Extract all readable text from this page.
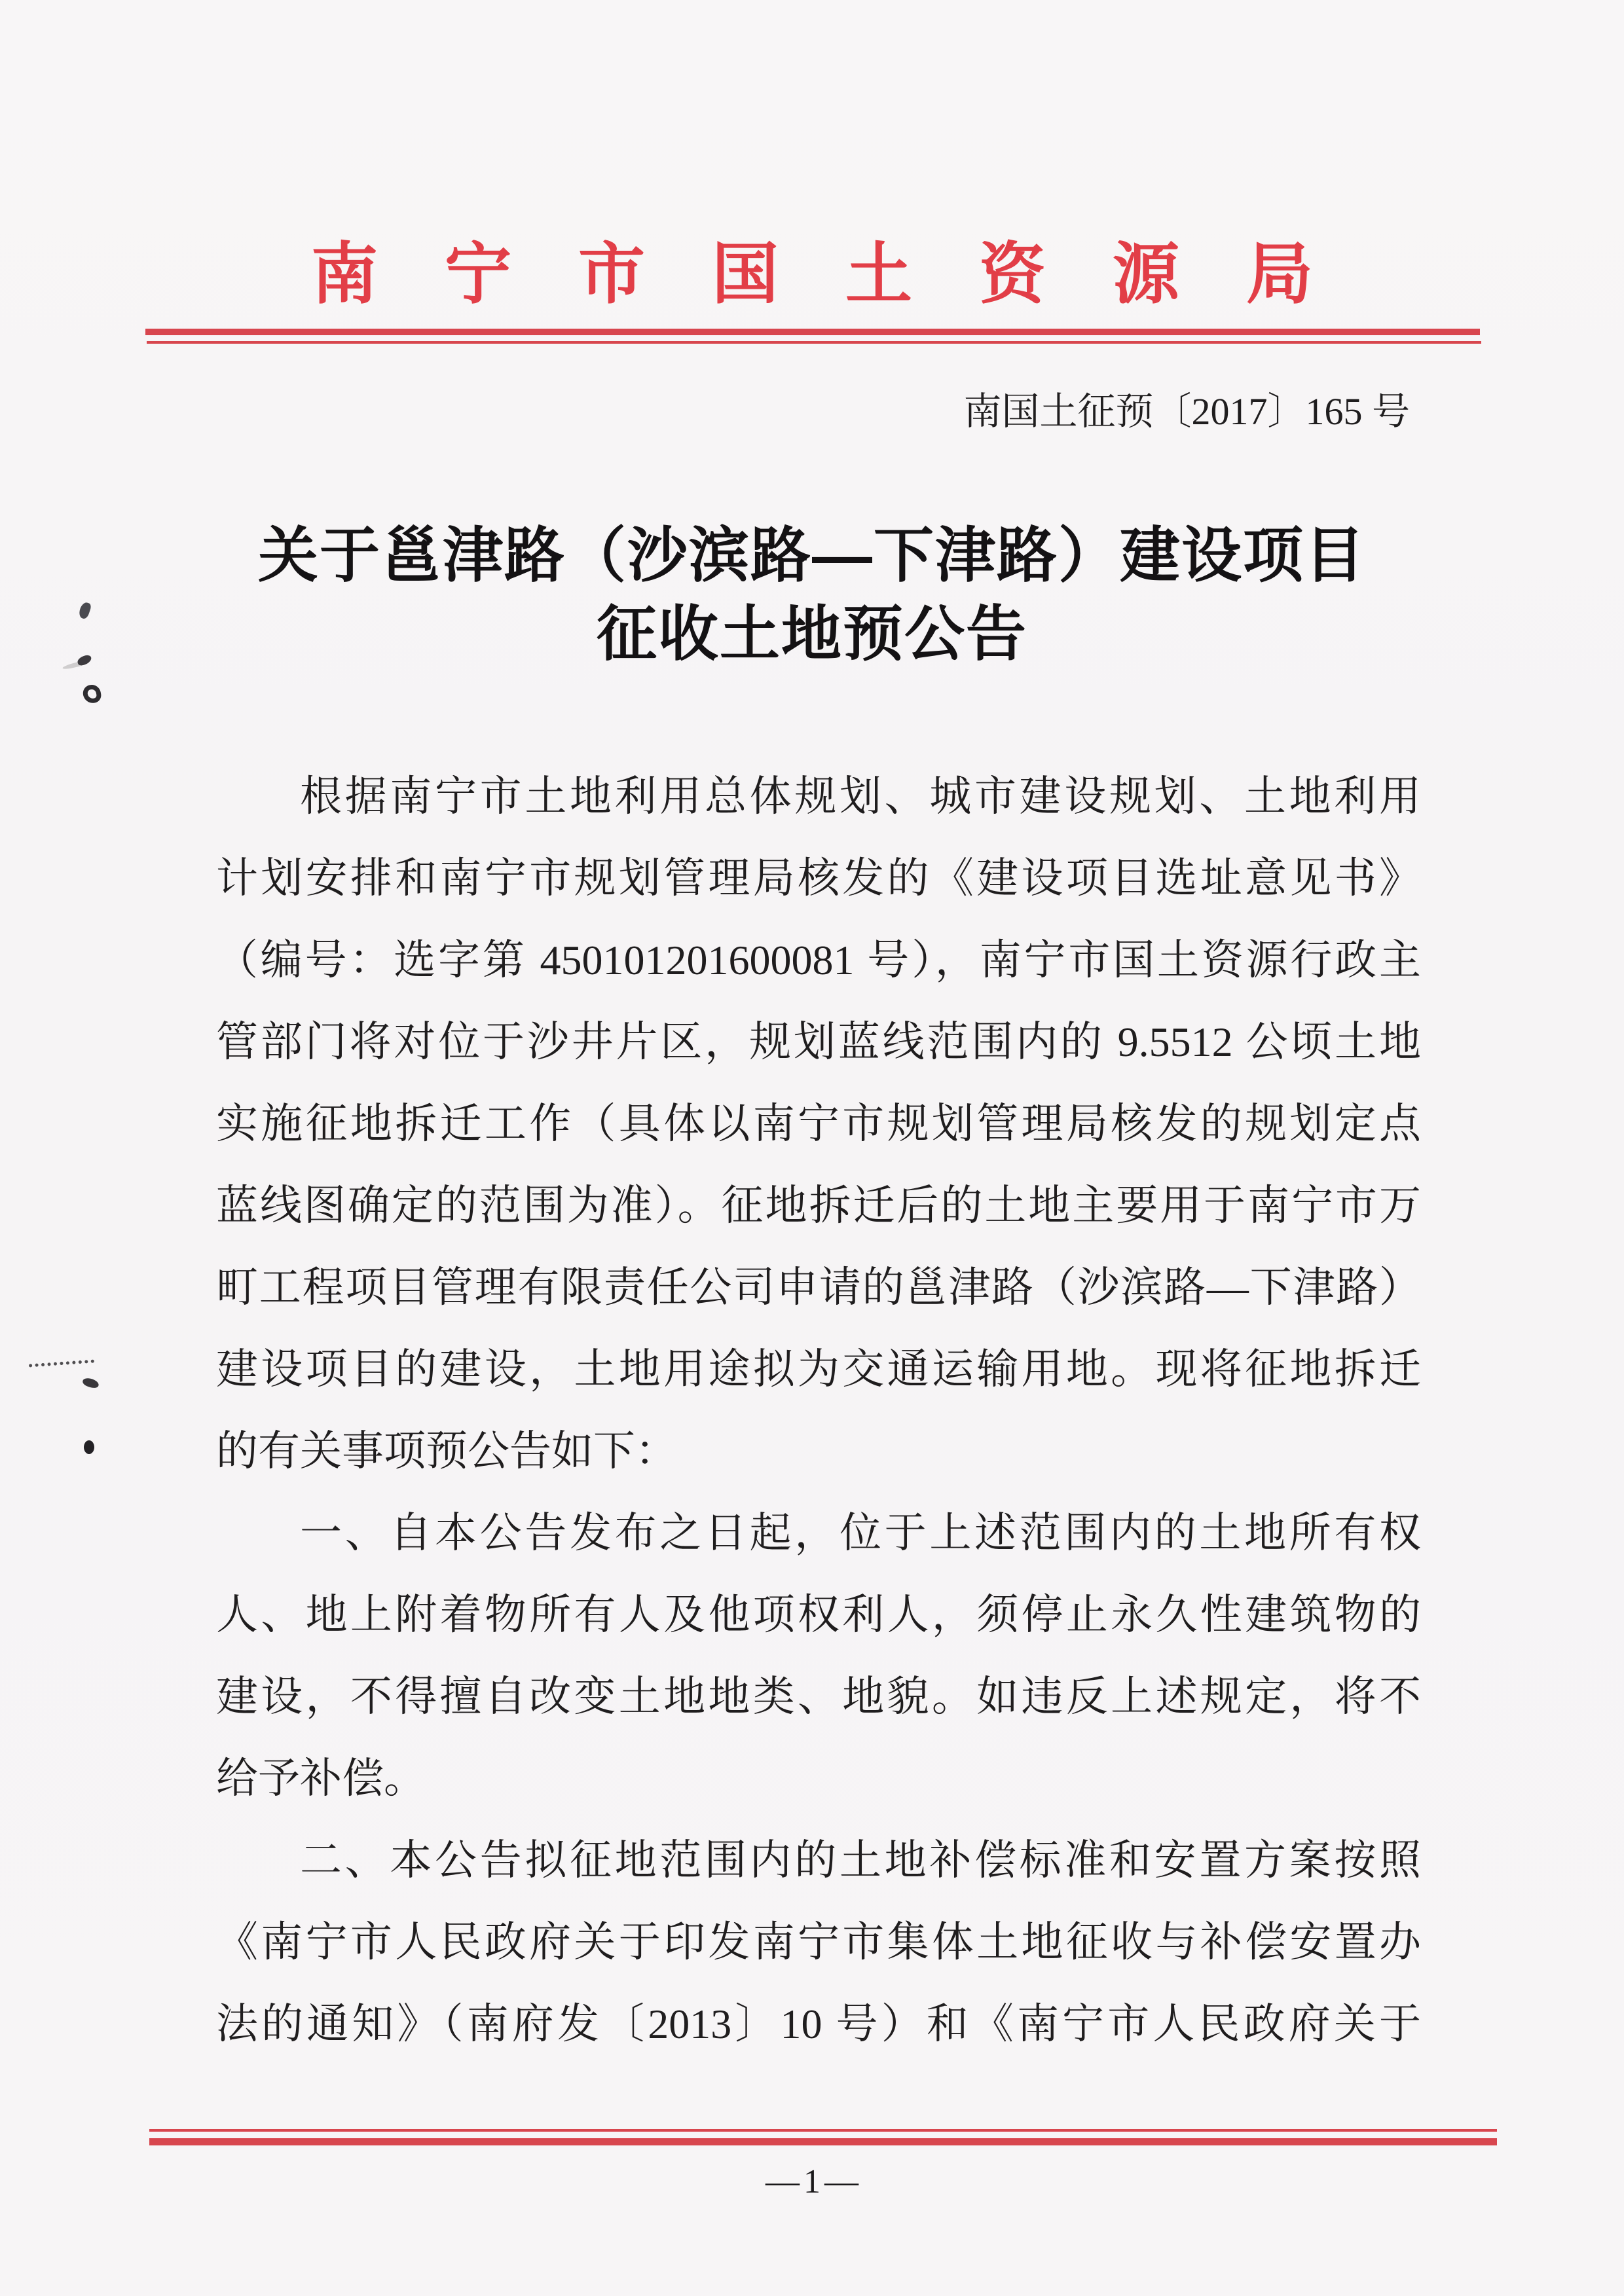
南宁市国土资源局
南国土征预〔2017〕165 号
关于邕津路（沙滨路—下津路）建设项目
征收土地预公告
根据南宁市土地利用总体规划、城市建设规划、土地利用
计划安排和南宁市规划管理局核发的《建设项目选址意见书》
（编号：选字第 450101201600081 号），南宁市国土资源行政主
管部门将对位于沙井片区，规划蓝线范围内的 9.5512 公顷土地
实施征地拆迁工作（具体以南宁市规划管理局核发的规划定点
蓝线图确定的范围为准）。征地拆迁后的土地主要用于南宁市万
町工程项目管理有限责任公司申请的邕津路（沙滨路—下津路）
建设项目的建设，土地用途拟为交通运输用地。现将征地拆迁
的有关事项预公告如下：
一、自本公告发布之日起，位于上述范围内的土地所有权
人、地上附着物所有人及他项权利人，须停止永久性建筑物的
建设，不得擅自改变土地地类、地貌。如违反上述规定，将不
给予补偿。
二、本公告拟征地范围内的土地补偿标准和安置方案按照
《南宁市人民政府关于印发南宁市集体土地征收与补偿安置办
法的通知》（南府发〔2013〕10 号）和《南宁市人民政府关于
—1—
